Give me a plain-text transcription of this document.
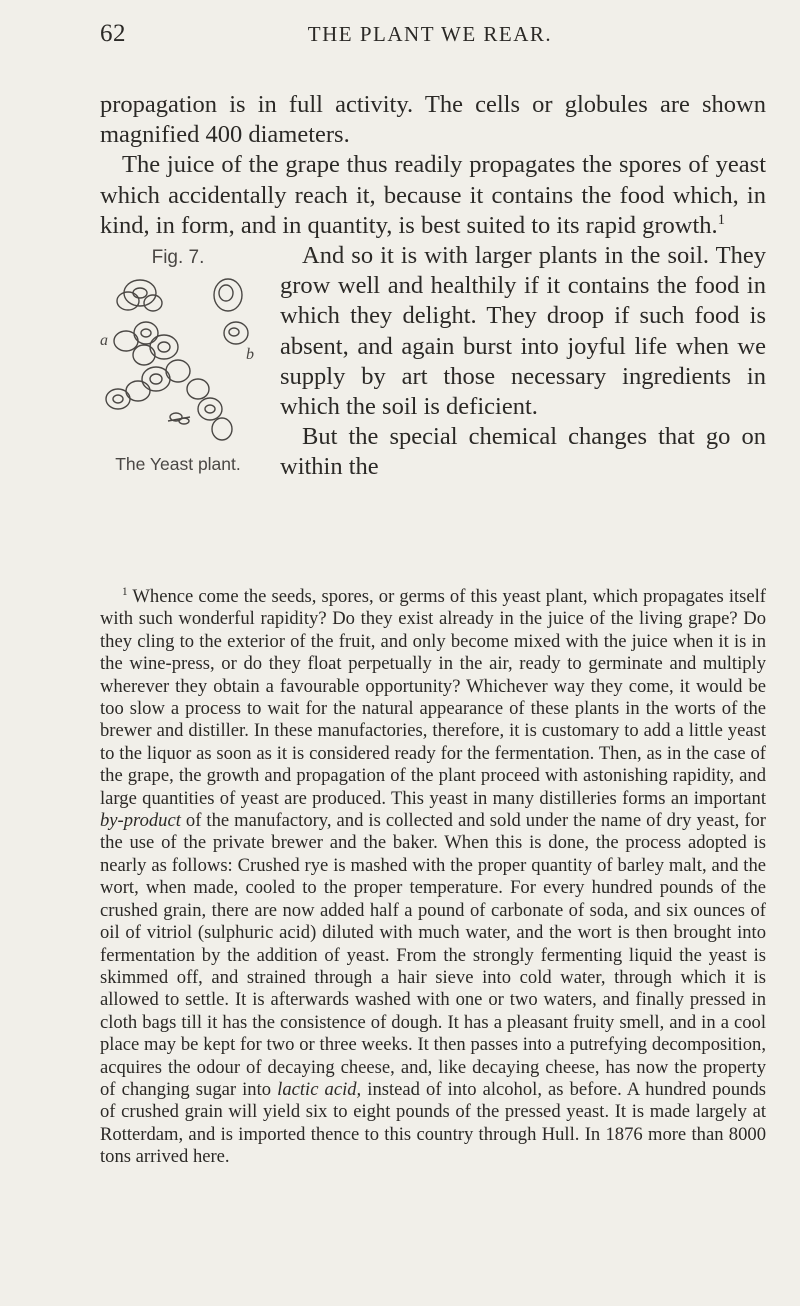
62	THE PLANT WE REAR.

propagation is in full activity. The cells or globules are shown magnified 400 diameters.

The juice of the grape thus readily propagates the spores of yeast which accidentally reach it, because it contains the food which, in kind, in form, and in quantity, is best suited to its rapid growth.$^1$

Fig. 7.
a
b
The Yeast plant.

And so it is with larger plants in the soil. They grow well and healthily if it contains the food in which they delight. They droop if such food is absent, and again burst into joyful life when we supply by art those necessary ingredients in which the soil is deficient.

But the special chemical changes that go on within the

$^1$ Whence come the seeds, spores, or germs of this yeast plant, which propagates itself with such wonderful rapidity? Do they exist already in the juice of the living grape? Do they cling to the exterior of the fruit, and only become mixed with the juice when it is in the wine-press, or do they float perpetually in the air, ready to germinate and multiply wherever they obtain a favourable opportunity? Whichever way they come, it would be too slow a process to wait for the natural appearance of these plants in the worts of the brewer and distiller. In these manufactories, therefore, it is customary to add a little yeast to the liquor as soon as it is considered ready for the fermentation. Then, as in the case of the grape, the growth and propagation of the plant proceed with astonishing rapidity, and large quantities of yeast are produced. This yeast in many distilleries forms an important by-product of the manufactory, and is collected and sold under the name of dry yeast, for the use of the private brewer and the baker. When this is done, the process adopted is nearly as follows: Crushed rye is mashed with the proper quantity of barley malt, and the wort, when made, cooled to the proper temperature. For every hundred pounds of the crushed grain, there are now added half a pound of carbonate of soda, and six ounces of oil of vitriol (sulphuric acid) diluted with much water, and the wort is then brought into fermentation by the addition of yeast. From the strongly fermenting liquid the yeast is skimmed off, and strained through a hair sieve into cold water, through which it is allowed to settle. It is afterwards washed with one or two waters, and finally pressed in cloth bags till it has the consistence of dough. It has a pleasant fruity smell, and in a cool place may be kept for two or three weeks. It then passes into a putrefying decomposition, acquires the odour of decaying cheese, and, like decaying cheese, has now the property of changing sugar into lactic acid, instead of into alcohol, as before. A hundred pounds of crushed grain will yield six to eight pounds of the pressed yeast. It is made largely at Rotterdam, and is imported thence to this country through Hull. In 1876 more than 8000 tons arrived here.
